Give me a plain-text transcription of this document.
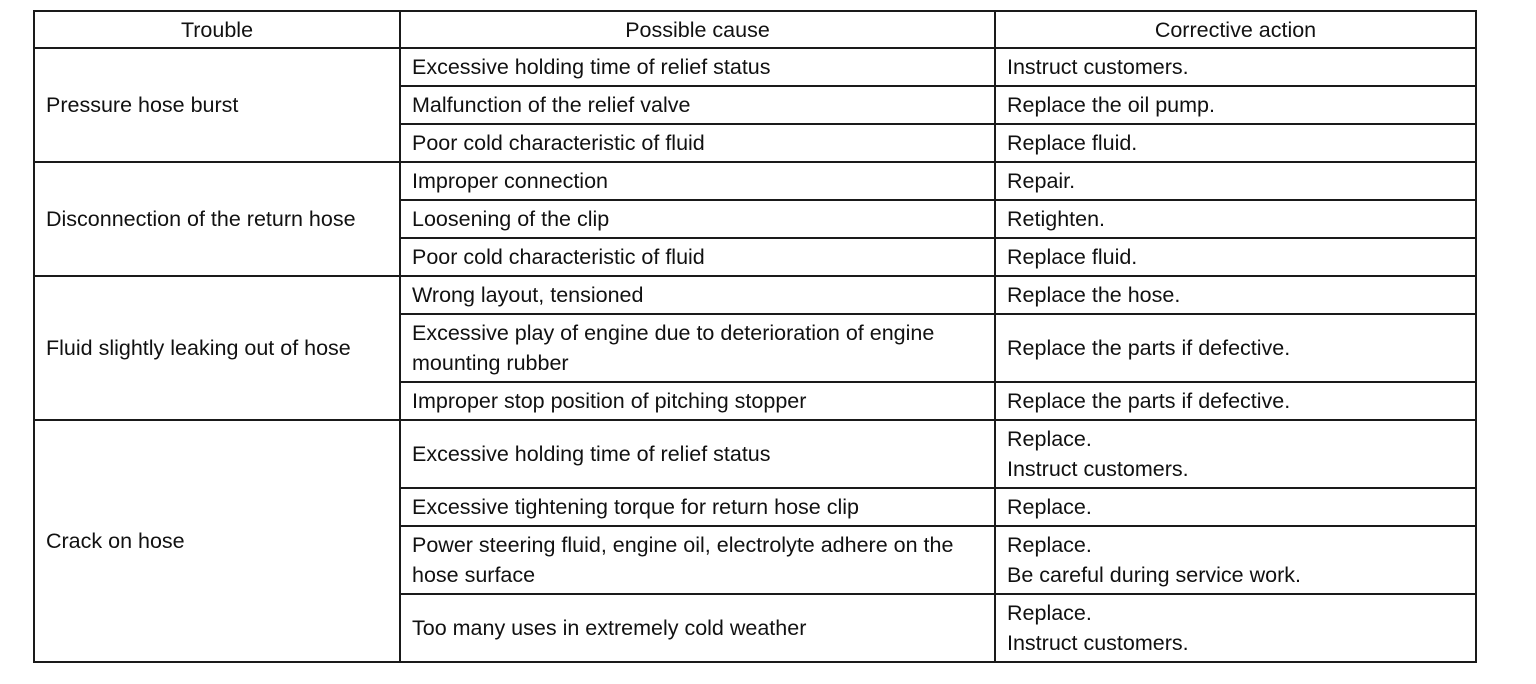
Trouble	Possible cause	Corrective action
Pressure hose burst	Excessive holding time of relief status	Instruct customers.
	Malfunction of the relief valve	Replace the oil pump.
	Poor cold characteristic of fluid	Replace fluid.
Disconnection of the return hose	Improper connection	Repair.
	Loosening of the clip	Retighten.
	Poor cold characteristic of fluid	Replace fluid.
Fluid slightly leaking out of hose	Wrong layout, tensioned	Replace the hose.
	Excessive play of engine due to deterioration of engine mounting rubber	Replace the parts if defective.
	Improper stop position of pitching stopper	Replace the parts if defective.
Crack on hose	Excessive holding time of relief status	Replace.
Instruct customers.
	Excessive tightening torque for return hose clip	Replace.
	Power steering fluid, engine oil, electrolyte adhere on the hose surface	Replace.
Be careful during service work.
	Too many uses in extremely cold weather	Replace.
Instruct customers.
